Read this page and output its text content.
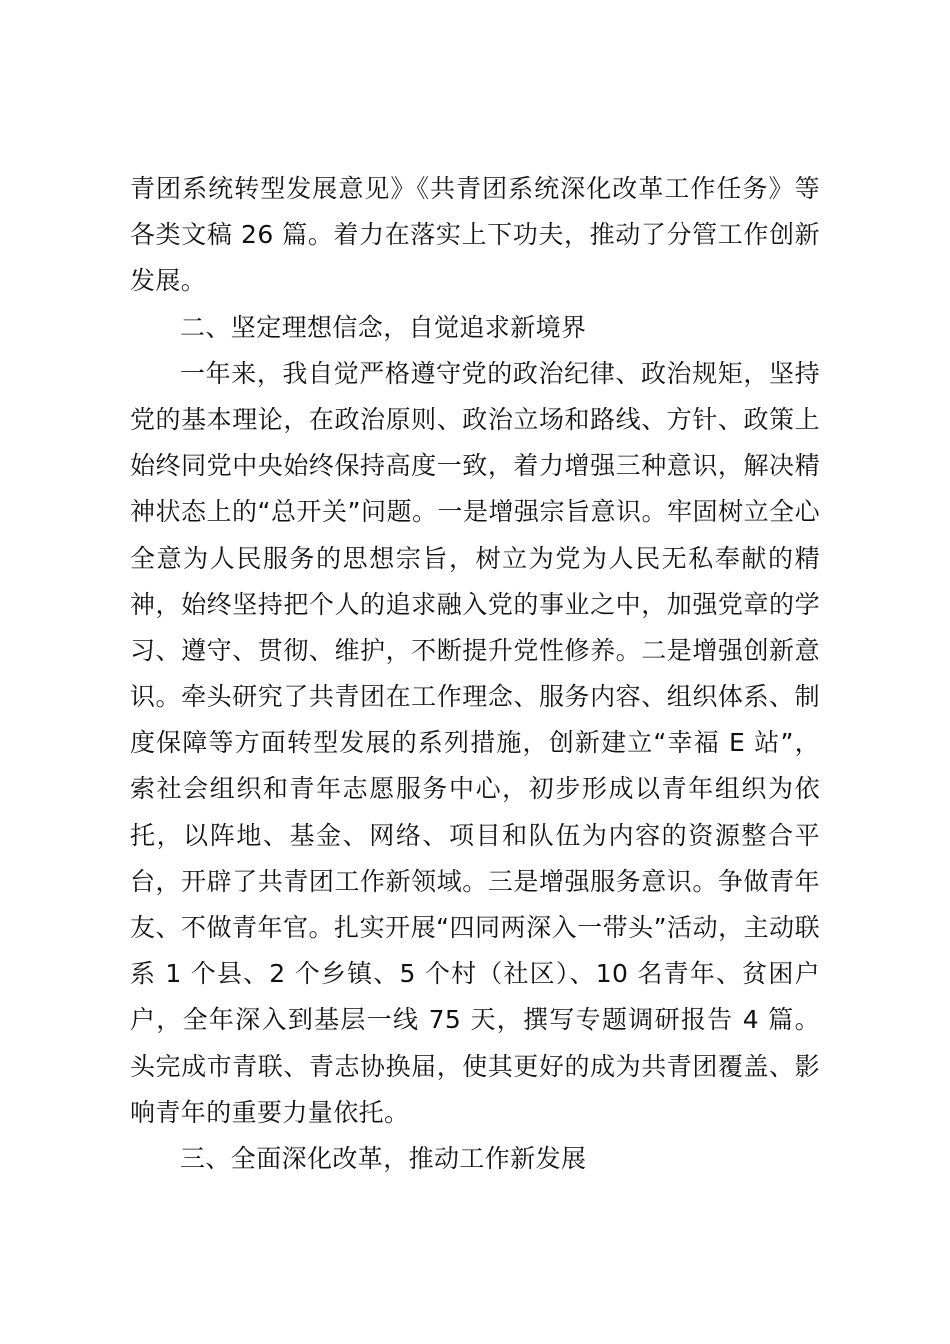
青团系统转型发展意见》《共青团系统深化改革工作任务》等
各类文稿 26 篇。着力在落实上下功夫，推动了分管工作创新
发展。
二、坚定理想信念，自觉追求新境界
一年来，我自觉严格遵守党的政治纪律、政治规矩，坚持
党的基本理论，在政治原则、政治立场和路线、方针、政策上
始终同党中央始终保持高度一致，着力增强三种意识，解决精
神状态上的“总开关”问题。一是增强宗旨意识。牢固树立全心
全意为人民服务的思想宗旨，树立为党为人民无私奉献的精
神，始终坚持把个人的追求融入党的事业之中，加强党章的学
习、遵守、贯彻、维护，不断提升党性修养。二是增强创新意
识。牵头研究了共青团在工作理念、服务内容、组织体系、制
度保障等方面转型发展的系列措施，创新建立“幸福 E 站”，
索社会组织和青年志愿服务中心，初步形成以青年组织为依
托，以阵地、基金、网络、项目和队伍为内容的资源整合平
台，开辟了共青团工作新领域。三是增强服务意识。争做青年
友、不做青年官。扎实开展“四同两深入一带头”活动，主动联
系 1 个县、2 个乡镇、5 个村（社区）、10 名青年、贫困户
户，全年深入到基层一线 75 天，撰写专题调研报告 4 篇。
头完成市青联、青志协换届，使其更好的成为共青团覆盖、影
响青年的重要力量依托。
三、全面深化改革，推动工作新发展
